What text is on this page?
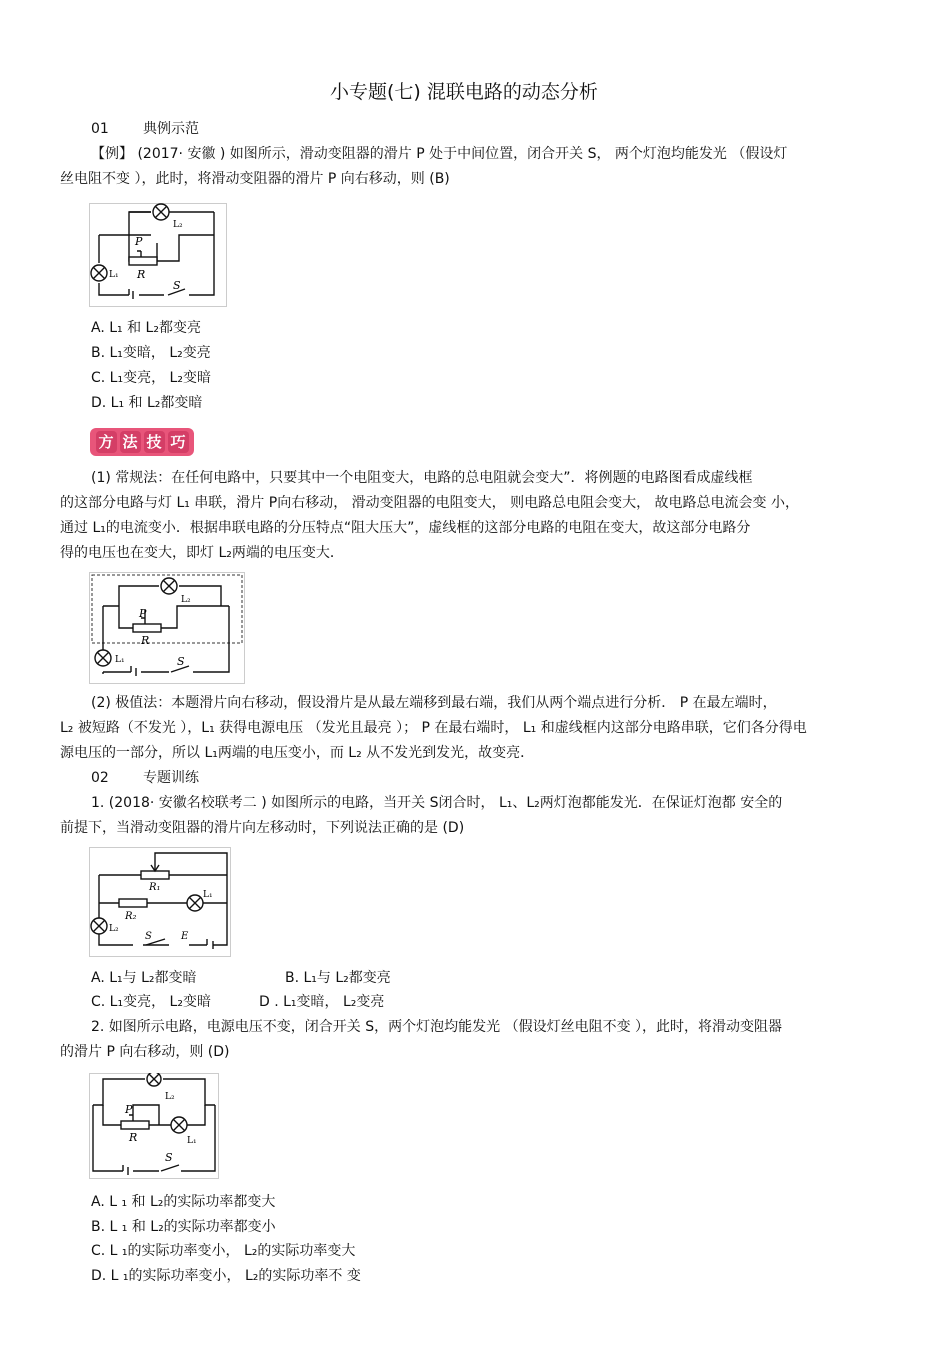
小专题(七) 混联电路的动态分析
01 典例示范
【例】 (2017· 安徽 ) 如图所示，滑动变阻器的滑片 P 处于中间位置，闭合开关 S， 两个灯泡均能发光 （假设灯
丝电阻不变 ），此时，将滑动变阻器的滑片 P 向右移动，则 (B)
L₂
P
R
L₁
S
A. L₁ 和 L₂都变亮
B. L₁变暗， L₂变亮
C. L₁变亮， L₂变暗
D. L₁ 和 L₂都变暗
方 法 技 巧
(1) 常规法：在任何电路中，只要其中一个电阻变大，电路的总电阻就会变大”．将例题的电路图看成虚线框
的这部分电路与灯 L₁ 串联，滑片 P向右移动， 滑动变阻器的电阻变大， 则电路总电阻会变大， 故电路总电流会变 小，
通过 L₁的电流变小．根据串联电路的分压特点“阻大压大”，虚线框的这部分电路的电阻在变大，故这部分电路分
得的电压也在变大，即灯 L₂两端的电压变大．
L₂
P
R
L₁	S
(2) 极值法：本题滑片向右移动，假设滑片是从最左端移到最右端，我们从两个端点进行分析． P 在最左端时，
L₂ 被短路（不发光 ），L₁ 获得电源电压 （发光且最亮 ）； P 在最右端时， L₁ 和虚线框内这部分电路串联，它们各分得电
源电压的一部分，所以 L₁两端的电压变小，而 L₂ 从不发光到发光，故变亮．
02 专题训练
1. (2018· 安徽名校联考二 ) 如图所示的电路，当开关 S闭合时， L₁、L₂两灯泡都能发光．在保证灯泡都 安全的
前提下，当滑动变阻器的滑片向左移动时，下列说法正确的是 (D)
R₁
L₁
R₂
L₂
S	E
A. L₁与 L₂都变暗	B. L₁与 L₂都变亮
C. L₁变亮， L₂变暗	D . L₁变暗， L₂变亮
2. 如图所示电路，电源电压不变，闭合开关 S，两个灯泡均能发光 （假设灯丝电阻不变 ），此时，将滑动变阻器
的滑片 P 向右移动，则 (D)
L₂
P
R	L₁
S
A. L ₁ 和 L₂的实际功率都变大
B. L ₁ 和 L₂的实际功率都变小
C. L ₁的实际功率变小， L₂的实际功率变大
D. L ₁的实际功率变小， L₂的实际功率不 变
